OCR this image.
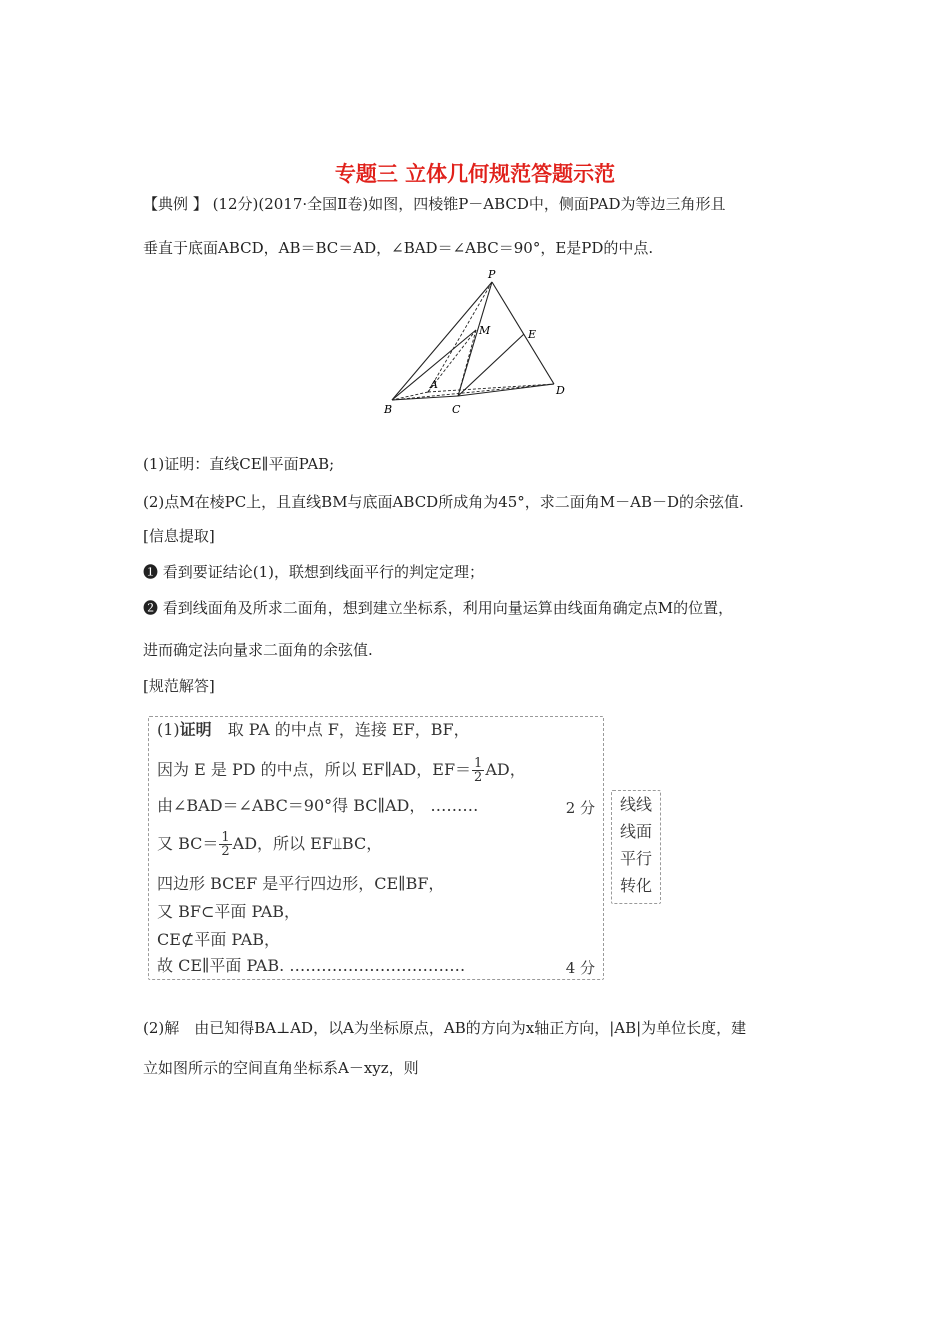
专题三 立体几何规范答题示范
【典例 】 (12分)(2017·全国Ⅱ卷)如图，四棱锥P－ABCD中，侧面PAD为等边三角形且
垂直于底面ABCD，AB＝BC＝AD，∠BAD＝∠ABC＝90°，E是PD的中点.
P
M	E
A
B	C
D
(1)证明：直线CE∥平面PAB;
(2)点M在棱PC上，且直线BM与底面ABCD所成角为45°，求二面角M－AB－D的余弦值.
[信息提取]
❶ 看到要证结论(1)，联想到线面平行的判定定理；
❷ 看到线面角及所求二面角，想到建立坐标系，利用向量运算由线面角确定点M的位置，
进而确定法向量求二面角的余弦值.
[规范解答]
(1)证明　取 PA 的中点 F，连接 EF，BF，
因为 E 是 PD 的中点，所以 EF∥AD，$EF= \frac{1}{2}$ AD，
由∠BAD＝∠ABC＝90°得 BC∥AD， ………	2 分
又 $BC= \frac{1}{2}$ AD，所以 EF⫫BC，
四边形 BCEF 是平行四边形，CE∥BF，
又 BF⊂平面 PAB，
CE⊄平面 PAB，
故 CE∥平面 PAB. ……………………………	4 分
线线
线面
平行
转化
(2)解　由已知得BA⊥AD，以A为坐标原点，AB的方向为x轴正方向，|AB|为单位长度，建
立如图所示的空间直角坐标系A－xyz，则
